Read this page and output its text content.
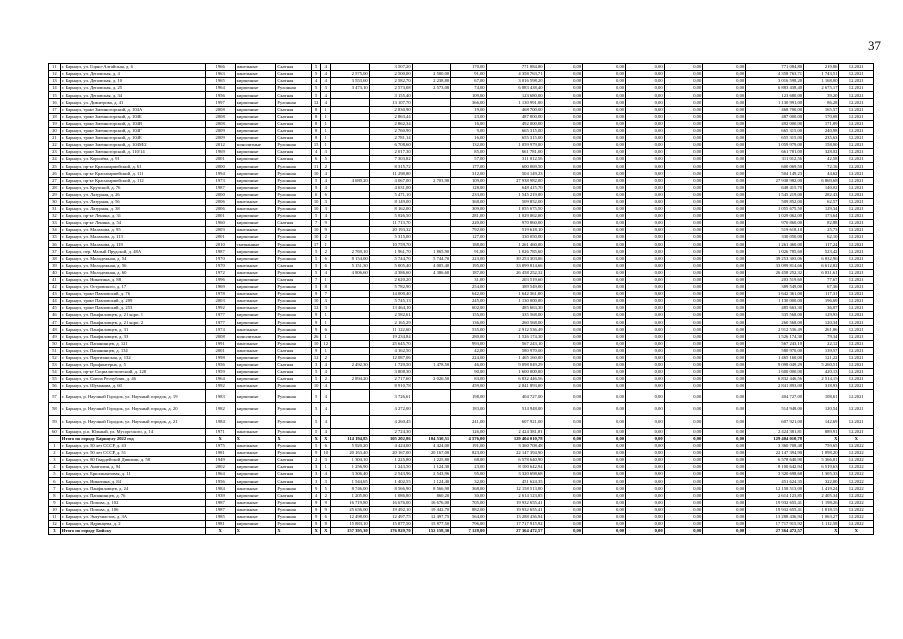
37
11	г. Барнаул, ул. Горно-Алтайская, д. 6	1966	панельные	Скатная	5	4		3 507,20		170,00	771 084,80	0,00	0,00	0,00	0,00	0,00	771 084,80	219,86	12.2021
12	г. Барнаул, ул. Деповская, д. 4	1963	панельные	Скатная	5	4	2 575,00	2 500,00	2 500,00	91,00	4 358 763,71	0,00	0,00	0,00	0,00	0,00	4 358 763,71	1 743,51	12.2021
13	г. Барнаул, ул. Деповская, д. 10	1965	кирпичные	Скатная	4	4	3 553,60	2 582,70	2 238,80	67,00	3 016 598,20	0,00	0,00	0,00	0,00	0,00	3 016 598,20	1 168,00	12.2021
14	г. Барнаул, ул. Деповская, д. 25	1964	кирпичные	Рулонная	5	3	3 473,10	2 573,08	2 573,08	74,00	6 883 438,40	0,00	0,00	0,00	0,00	0,00	6 883 438,40	2 675,17	12.2021
15	г. Барнаул, ул. Деповская, д. 34	1956	кирпичные	Скатная	5	4		3 155,40		109,00	123 680,00	0,00	0,00	0,00	0,00	0,00	123 680,00	39,20	12.2021
16	г. Барнаул, ул. Димитрова, д. 41	1997	кирпичные	Рулонная	12	4		13 107,70		366,00	1 130 991,00	0,00	0,00	0,00	0,00	0,00	1 130 991,00	86,28	12.2021
17	г. Барнаул, тракт Змеиногорский, д. 104А	2008	кирпичные	Скатная	8	1		2 830,90		19,00	468 700,00	0,00	0,00	0,00	0,00	0,00	468 700,00	165,57	12.2021
18	г. Барнаул, тракт Змеиногорский, д. 104Б	2008	кирпичные	Скатная	8	1		2 863,44		23,00	487 000,00	0,00	0,00	0,00	0,00	0,00	487 000,00	170,08	12.2021
19	г. Барнаул, тракт Змеиногорский, д. 104В	2008	кирпичные	Скатная	8	1		2 862,34		16,00	492 000,00	0,00	0,00	0,00	0,00	0,00	492 000,00	171,89	12.2021
20	г. Барнаул, тракт Змеиногорский, д. 104Г	2009	кирпичные	Скатная	8	1		2 760,90		9,00	665 315,00	0,00	0,00	0,00	0,00	0,00	665 315,00	240,98	12.2021
21	г. Барнаул, тракт Змеиногорский, д. 104Е	2009	кирпичные	Скатная	8	1		2 781,14		16,00	655 315,00	0,00	0,00	0,00	0,00	0,00	655 315,00	235,63	12.2021
22	г. Барнаул, тракт Змеиногорский, д. 104М/2	2012	монолитные	Рулонная	15	1		6 708,60		132,00	1 059 979,00	0,00	0,00	0,00	0,00	0,00	1 059 979,00	158,00	12.2021
23	г. Барнаул, тракт Змеиногорский, д. 110/14	1969	кирпичные	Скатная	4	3		2 017,30		85,00	661 781,00	0,00	0,00	0,00	0,00	0,00	661 781,00	328,02	12.2021
24	г. Барнаул, ул. Королёва, д. 91	2001	кирпичные	Скатная	6	5		7 303,82		57,00	311 012,56	0,00	0,00	0,00	0,00	0,00	311 012,56	42,58	12.2021
25	г. Барнаул, пр-кт Красноармейский, д. 61	2000	кирпичные	Рулонная	11	2		8 315,72		177,00	600 069,50	0,00	0,00	0,00	0,00	0,00	600 069,50	72,16	12.2021
26	г. Барнаул, пр-кт Красноармейский, д. 111	1994	кирпичные	Рулонная	10	4		11 298,80		312,00	504 149,23	0,00	0,00	0,00	0,00	0,00	504 149,23	44,62	12.2021
27	г. Барнаул, пр-кт Красноармейский, д. 112	1973	кирпичные	Рулонная	5	4	4 680,20	4 067,00	2 703,90	109,00	27 938 982,00	0,00	0,00	0,00	0,00	0,00	27 938 982,00	6 869,68	12.2021
28	г. Барнаул, ул. Крупской, д. 76	1987	кирпичные	Рулонная	9	4		4 631,00		128,00	648 415,70	0,00	0,00	0,00	0,00	0,00	648 415,70	140,02	12.2021
29	г. Барнаул, ул. Лазурная, д. 26	2000	кирпичные	Рулонная	6	6		5 471,10		233,00	1 545 219,00	0,00	0,00	0,00	0,00	0,00	1 545 219,00	282,43	12.2021
30	г. Барнаул, ул. Лазурная, д. 56	2006	панельные	Рулонная	10	3		8 149,00		368,00	509 852,00	0,00	0,00	0,00	0,00	0,00	509 852,00	62,57	12.2021
31	г. Барнаул, ул. Лазурная, д. 38	2006	панельные	Рулонная	10	3		8 162,00		309,00	1 055 675,50	0,00	0,00	0,00	0,00	0,00	1 055 675,50	129,34	12.2021
32	г. Барнаул, пр-кт Ленина, д. 31	2001	кирпичные	Рулонная	5	4		5 926,50		281,00	1 029 062,00	0,00	0,00	0,00	0,00	0,00	1 029 062,00	173,64	12.2021
33	г. Барнаул, пр-кт Ленина, д. 54	1960	кирпичные	Скатная	7	9		11 713,70		220,00	970 860,00	0,00	0,00	0,00	0,00	0,00	970 860,00	82,88	12.2021
34	г. Барнаул, ул. Малахова, д. 95	2003	панельные	Рулонная	10	9		20 193,32		792,00	519 618,10	0,00	0,00	0,00	0,00	0,00	519 618,10	25,73	12.2021
35	г. Барнаул, ул. Малахова, д. 113	2001	кирпичные	Рулонная	10	2		5 315,00		127,00	330 050,00	0,00	0,00	0,00	0,00	0,00	330 050,00	62,10	12.2021
36	г. Барнаул, ул. Малахова, д. 119	2010	смешанные	Рулонная	17	1		10 759,70		188,00	1 261 460,00	0,00	0,00	0,00	0,00	0,00	1 261 460,00	117,24	12.2021
37	г. Барнаул, пер. Малый Прудской, д. 48А	1987	кирпичные	Рулонная	5	2	2 769,10	1 961,70	1 865,90	91,00	1 026 785,60	0,00	0,00	0,00	0,00	0,00	1 026 785,60	523,42	12.2021
38	г. Барнаул, ул. Молодежная, д. 54	1970	кирпичные	Рулонная	5	6	8 154,00	5 744,70	5 744,70	223,00	39 253 303,06	0,00	0,00	0,00	0,00	0,00	39 253 303,06	6 832,96	12.2021
39	г. Барнаул, ул. Молодежная, д. 56	1970	панельные	Скатная	5	6	5 151,30	5 005,40	4 005,40	195,00	33 099 814,66	0,00	0,00	0,00	0,00	0,00	33 099 814,66	6 612,82	12.2021
40	г. Барнаул, ул. Молодежная, д. 60	1972	панельные	Рулонная	5	4	4 806,60	4 386,60	4 386,60	187,00	26 458 252,32	0,00	0,00	0,00	0,00	0,00	26 458 252,32	6 031,61	12.2021
41	г. Барнаул, ул. Никитина, д. 88	1996	кирпичные	Скатная	7	1		2 620,20		31,00	203 519,60	0,00	0,00	0,00	0,00	0,00	203 519,60	77,67	12.2021
42	г. Барнаул, ул. Островского, д. 17	1969	кирпичные	Рулонная	5	8		5 782,90		254,00	389 549,00	0,00	0,00	0,00	0,00	0,00	389 549,00	67,36	12.2021
43	г. Барнаул, тракт Павловский, д. 76	1978	панельные	Рулонная	9	7		14 000,40		642,00	1 642 361,00	0,00	0,00	0,00	0,00	0,00	1 642 361,00	117,31	12.2021
44	г. Барнаул, тракт Павловский, д. 209	2003	панельные	Рулонная	10	3		5 745,13		245,00	1 130 000,00	0,00	0,00	0,00	0,00	0,00	1 130 000,00	196,69	12.2021
45	г. Барнаул, тракт Павловский, д. 253	1992	панельные	Рулонная	12	3		13 464,10		602,00	485 663,30	0,00	0,00	0,00	0,00	0,00	485 663,30	36,07	12.2021
46	г. Барнаул, ул. Панфиловцев, д. 21 корп. 1	1977	кирпичные	Рулонная	9	1		2 582,61		155,00	335 568,00	0,00	0,00	0,00	0,00	0,00	335 568,00	129,93	12.2021
47	г. Барнаул, ул. Панфиловцев, д. 21 корп. 2	1977	кирпичные	Рулонная	9	1		2 165,29		136,00	260 568,00	0,00	0,00	0,00	0,00	0,00	260 568,00	120,34	12.2021
48	г. Барнаул, ул. Панфиловцев, д. 31	1974	панельные	Рулонная	9	6		11 122,60		535,00	2 912 536,49	0,00	0,00	0,00	0,00	0,00	2 912 536,49	261,86	12.2021
49	г. Барнаул, ул. Панфиловцев, д. 33	2008	монолитные	Рулонная	26	1		19 234,84		280,00	1 526 174,30	0,00	0,00	0,00	0,00	0,00	1 526 174,30	79,34	12.2021
50	г. Барнаул, ул. Папанинцев, д. 121	1991	панельные	Рулонная	10	12		25 645,70		993,00	567 243,10	0,00	0,00	0,00	0,00	0,00	567 243,10	22,12	12.2021
51	г. Барнаул, ул. Папанинцев, д. 134	2001	панельные	Скатная	9	1		4 162,50		42,00	580 970,00	0,00	0,00	0,00	0,00	0,00	580 970,00	139,57	12.2021
52	г. Барнаул, ул. Партизанская, д. 132	1998	кирпичные	Рулонная	12	2		12 087,06		224,00	1 465 160,00	0,00	0,00	0,00	0,00	0,00	1 465 160,00	121,22	12.2021
53	г. Барнаул, ул. Профинтерна, д. 5	1956	кирпичные	Скатная	3	4	2 492,30	1 729,50	1 478,50	46,00	9 098 049,29	0,00	0,00	0,00	0,00	0,00	9 098 049,29	5 260,51	12.2021
54	г. Барнаул, пр-кт Социалистический, д. 128	1959	кирпичные	Скатная	5	4		3 808,30		90,00	1 600 000,00	0,00	0,00	0,00	0,00	0,00	1 600 000,00	420,13	12.2021
55	г. Барнаул, ул. Союза Республик, д. 46	1964	кирпичные	Скатная	5	2	2 894,20	2 717,60	2 026,50	83,00	6 832 446,56	0,00	0,00	0,00	0,00	0,00	6 832 446,56	2 514,15	12.2021
56	г. Барнаул, ул. Шумакова, д. 60	1992	панельные	Рулонная	10	4		8 910,78		459,00	2 841 893,00	0,00	0,00	0,00	0,00	0,00	2 841 893,00	318,93	12.2021
57	г. Барнаул, р. Научный Городок, ул. Научный городок, д. 19	1983	кирпичные	Рулонная	5	4		3 726,61		198,00	404 727,00	0,00	0,00	0,00	0,00	0,00	404 727,00	108,61	12.2021
58	г. Барнаул, р. Научный Городок, ул. Научный городок, д. 20	1982	кирпичные	Рулонная	5	4		4 272,00		183,00	514 948,00	0,00	0,00	0,00	0,00	0,00	514 948,00	120,54	12.2021
59	г. Барнаул, р. Научный Городок, ул. Научный городок, д. 21	1984	кирпичные	Рулонная	5	4		4 260,45		241,00	607 921,00	0,00	0,00	0,00	0,00	0,00	607 921,00	142,69	12.2021
60	г. Барнаул, р.п. Южный, ул. Мусоргского, д. 14	1971	панельные	Рулонная	5	4		2 724,30		126,00	2 424 381,81	0,00	0,00	0,00	0,00	0,00	2 424 381,81	889,91	12.2021
	Итого по городу Барнаулу 2022 год	X	X	X	X	X	114 194,85	105 202,86	104 530,51	4 576,00	129 404 010,78	0,00	0,00	0,00	0,00	0,00	129 404 010,78	X	X
1	г. Барнаул, ул. 50 лет СССР, д. 43	1975	панельные	Рулонная	5	6	5 920,20	4 424,00	4 424,00	191,00	3 360 708,48	0,00	0,00	0,00	0,00	0,00	3 360 708,48	759,65	12.2022
2	г. Барнаул, ул. 50 лет СССР, д. 51	1981	панельные	Рулонная	9	10	20 163,40	20 167,00	20 167,00	823,00	22 147 394,90	0,00	0,00	0,00	0,00	0,00	22 147 394,90	1 098,20	12.2022
3	г. Барнаул, ул. 80 Гвардейской Дивизии, д. 58	1949	кирпичные	Скатная	2	3	1 304,10	1 225,80	1 225,80	68,00	6 578 640,90	0,00	0,00	0,00	0,00	0,00	6 578 640,90	5 366,81	12.2022
4	г. Барнаул, ул. Анатолия, д. 94	2002	кирпичные	Скатная	3	1	1 256,90	1 243,50	1 124,30	23,00	8 100 642,94	0,00	0,00	0,00	0,00	0,00	8 100 642,94	6 519,63	12.2022
5	г. Барнаул, ул. Бриллиантовая, д. 11	1964	кирпичные	Скатная	3	4	3 306,40	2 543,96	2 543,96	95,00	3 320 698,68	0,00	0,00	0,00	0,00	0,00	3 320 698,68	1 305,33	12.2022
6	г. Барнаул, ул. Никитина, д. 84	1956	кирпичные	Скатная	3	3	1 544,65	1 402,55	1 124,40	32,00	451 624,35	0,00	0,00	0,00	0,00	0,00	451 624,35	322,00	12.2022
7	г. Барнаул, ул. Панфиловцев, д. 24	1984	панельные	Рулонная	9	5	8 746,00	8 566,90	8 566,90	368,00	12 158 513,00	0,00	0,00	0,00	0,00	0,00	12 158 513,00	1 419,24	12.2022
8	г. Барнаул, ул. Папанинцев, д. 76	1939	кирпичные	Скатная	4	2	1 205,80	1 086,80	860,20	30,00	2 614 123,85	0,00	0,00	0,00	0,00	0,00	2 614 123,85	2 405,34	12.2022
9	г. Барнаул, ул. Попова, д. 102	1987	панельные	Рулонная	9	9	16 719,80	16 676,00	16 676,00	705,00	19 932 655,41	0,00	0,00	0,00	0,00	0,00	19 932 655,41	1 198,26	12.2022
10	г. Барнаул, ул. Попова, д. 106	1987	панельные	Рулонная	9	9	25 636,00	19 492,10	19 442,70	882,00	19 932 655,41	0,00	0,00	0,00	0,00	0,00	19 932 655,41	1 018,15	12.2022
11	г. Барнаул, ул. Энтузиастов, д. 3А	1985	панельные	Рулонная	9	6	12 498,00	12 497,75	12 497,75	564,00	13 288 436,94	0,00	0,00	0,00	0,00	0,00	13 288 436,94	1 063,27	12.2022
12	г. Барнаул, ул. Ядринцева, д. 2	1981	кирпичные	Рулонная	9	8	15 883,10	15 877,50	15 877,50	796,00	17 717 915,92	0,00	0,00	0,00	0,00	0,00	17 717 915,92	1 112,58	12.2022
3	Итого по городу Бийску	X	X	X	X	X	157 395,30	176 829,70	152 158,30	7 128,00	27 364 472,57	0,00	0,00	0,00	0,00	0,00	27 364 472,57	X	X
